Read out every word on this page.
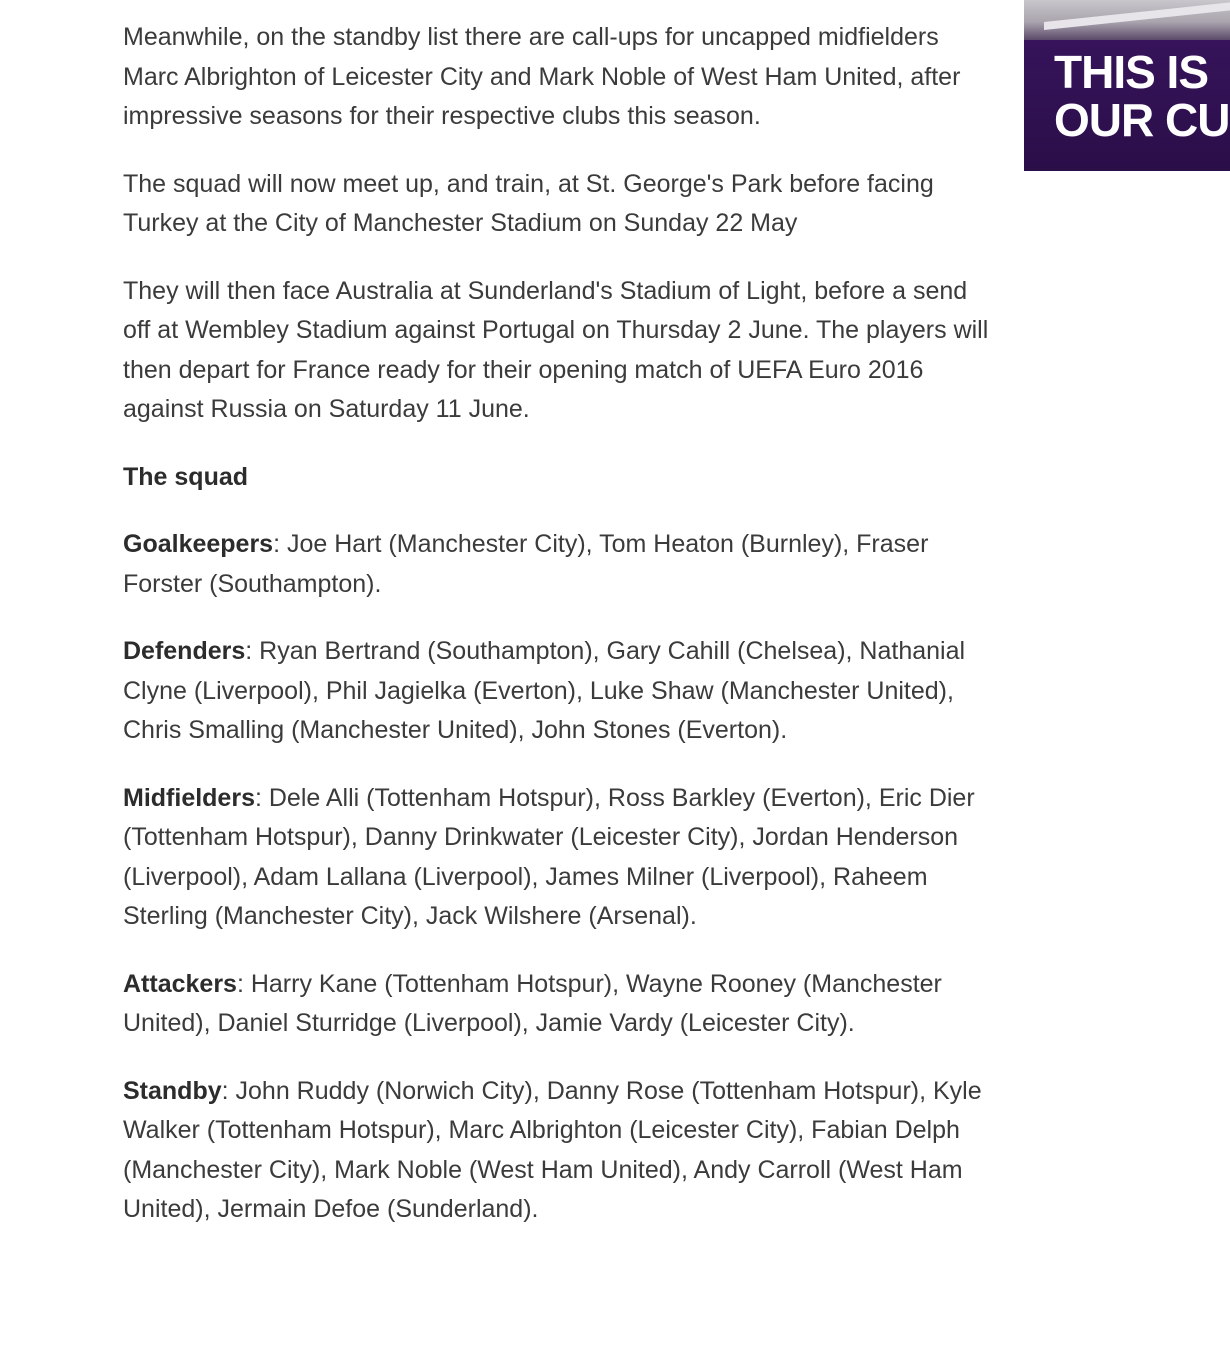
Meanwhile, on the standby list there are call-ups for uncapped midfielders Marc Albrighton of Leicester City and Mark Noble of West Ham United, after impressive seasons for their respective clubs this season.

The squad will now meet up, and train, at St. George's Park before facing Turkey at the City of Manchester Stadium on Sunday 22 May

They will then face Australia at Sunderland's Stadium of Light, before a send off at Wembley Stadium against Portugal on Thursday 2 June. The players will then depart for France ready for their opening match of UEFA Euro 2016 against Russia on Saturday 11 June.

The squad

Goalkeepers: Joe Hart (Manchester City), Tom Heaton (Burnley), Fraser Forster (Southampton).

Defenders: Ryan Bertrand (Southampton), Gary Cahill (Chelsea), Nathanial Clyne (Liverpool), Phil Jagielka (Everton), Luke Shaw (Manchester United), Chris Smalling (Manchester United), John Stones (Everton).

Midfielders: Dele Alli (Tottenham Hotspur), Ross Barkley (Everton), Eric Dier (Tottenham Hotspur), Danny Drinkwater (Leicester City), Jordan Henderson (Liverpool), Adam Lallana (Liverpool), James Milner (Liverpool), Raheem Sterling (Manchester City), Jack Wilshere (Arsenal).

Attackers: Harry Kane (Tottenham Hotspur), Wayne Rooney (Manchester United), Daniel Sturridge (Liverpool), Jamie Vardy (Leicester City).

Standby: John Ruddy (Norwich City), Danny Rose (Tottenham Hotspur), Kyle Walker (Tottenham Hotspur), Marc Albrighton (Leicester City), Fabian Delph (Manchester City), Mark Noble (West Ham United), Andy Carroll (West Ham United), Jermain Defoe (Sunderland).

THIS IS
OUR CU
